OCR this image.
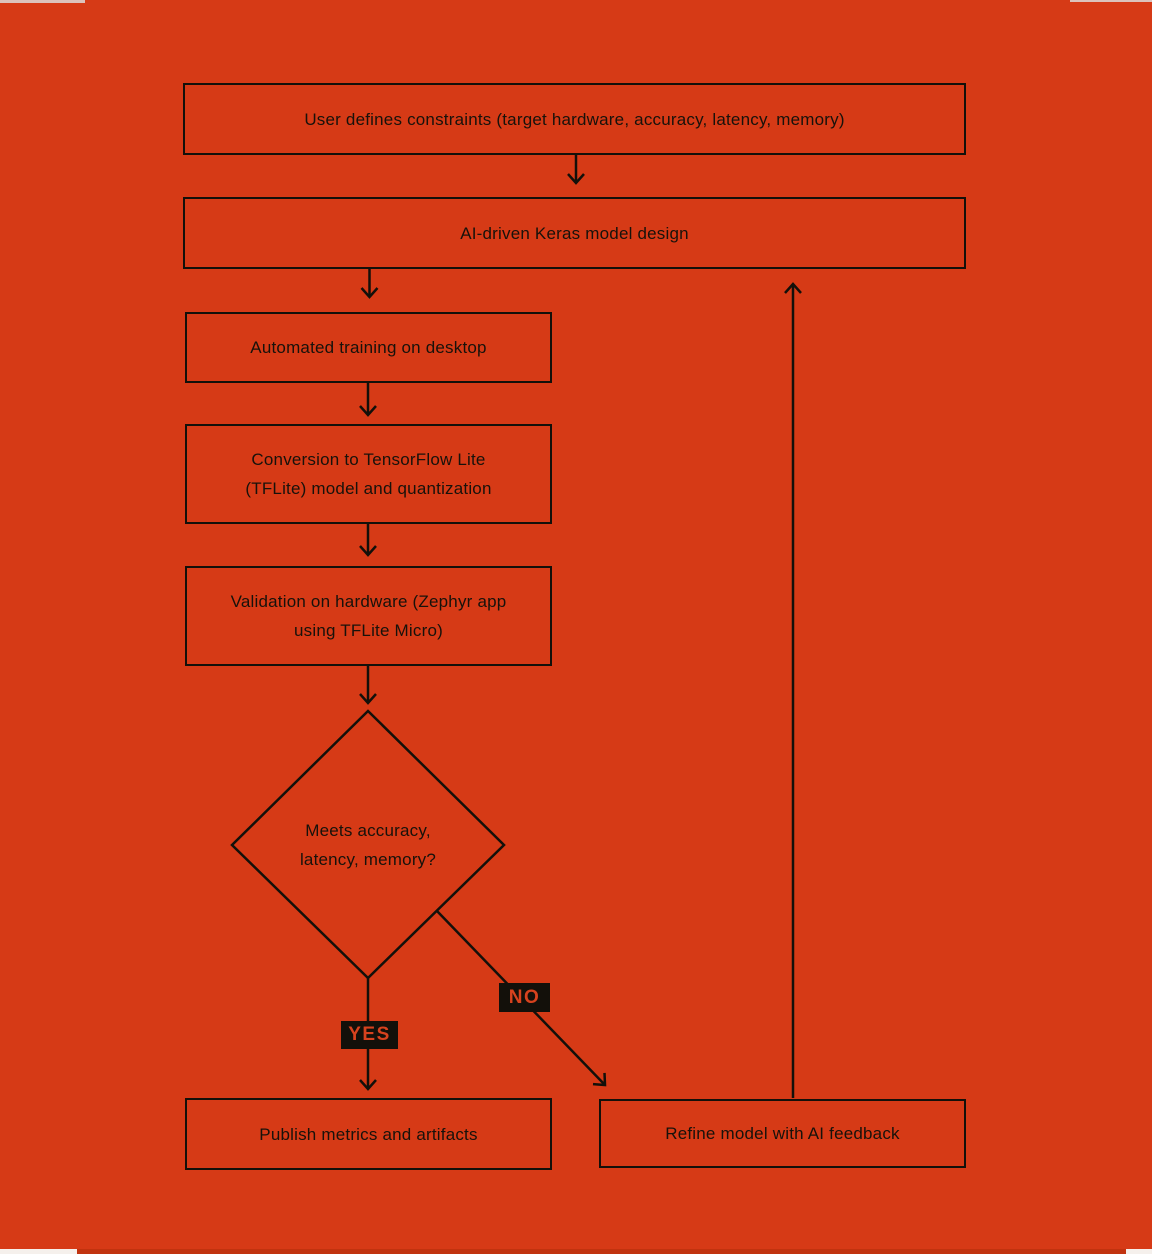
User defines constraints (target hardware, accuracy, latency, memory)
AI-driven Keras model design
Automated training on desktop
Conversion to TensorFlow Lite
(TFLite) model and quantization
Validation on hardware (Zephyr app
using TFLite Micro)
Meets accuracy,
latency, memory?
YES
NO
Publish metrics and artifacts	Refine model with AI feedback
